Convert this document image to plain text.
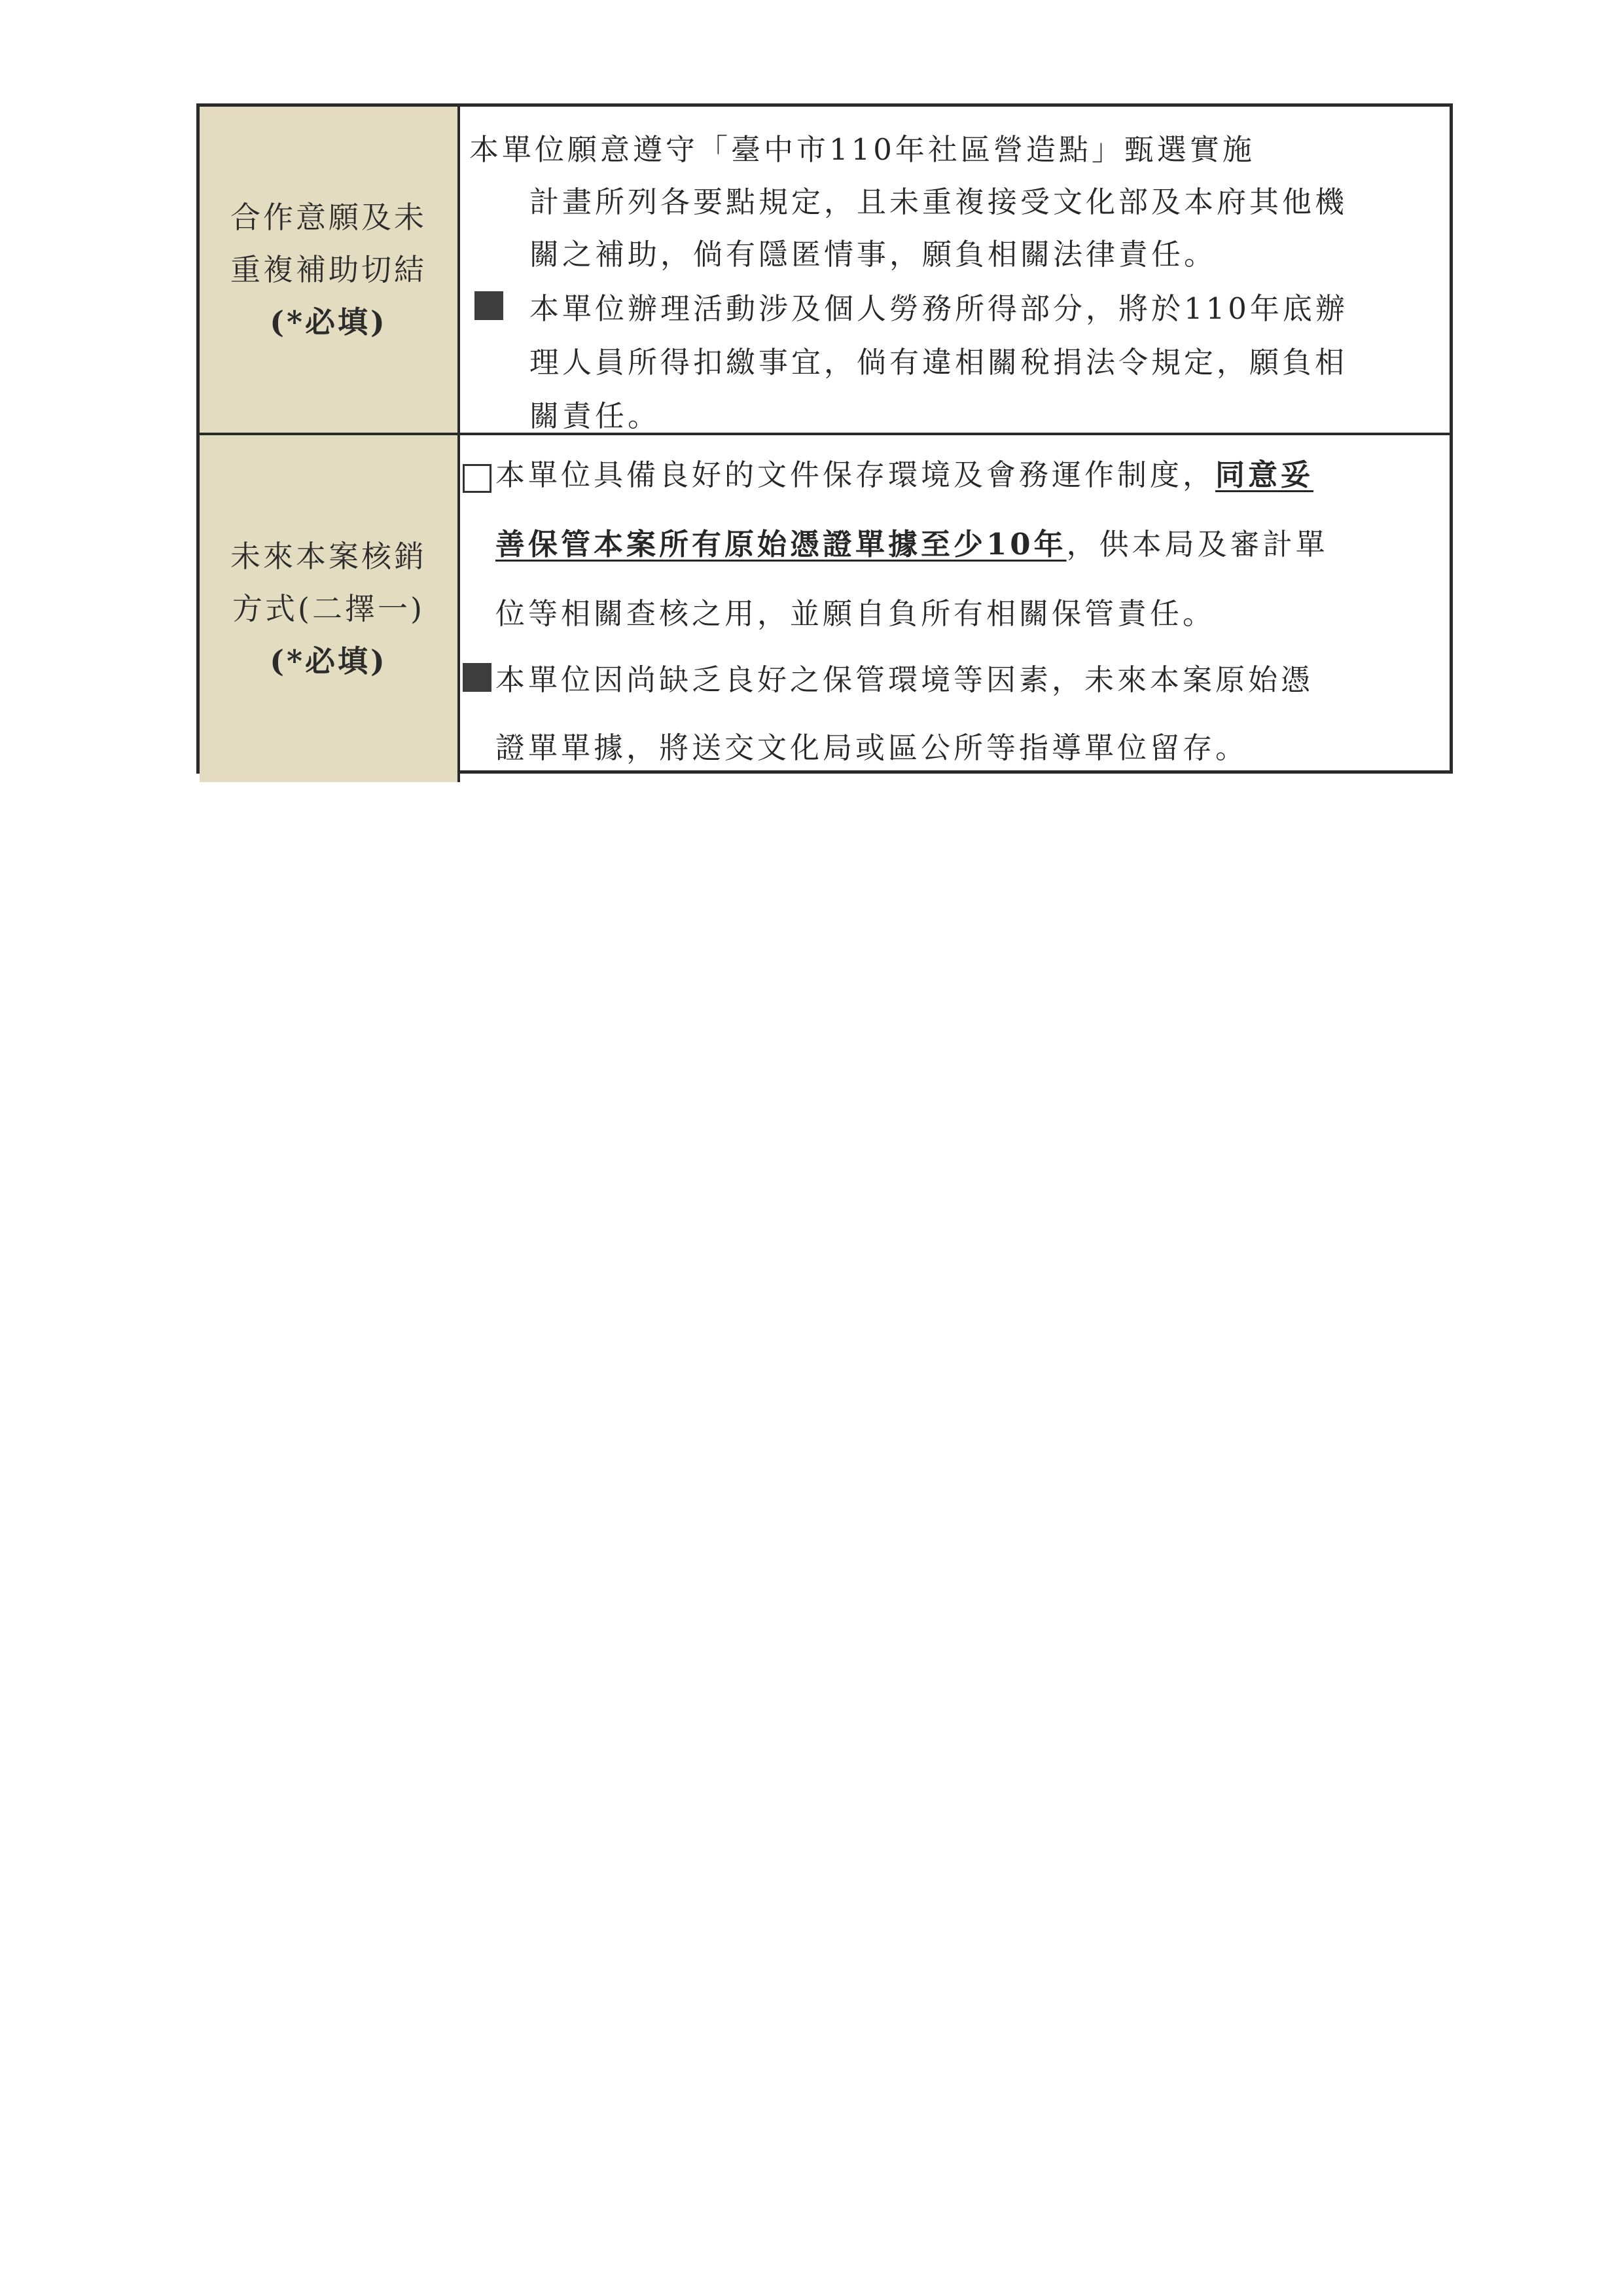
合作意願及未
重複補助切結
(*必填)
本單位願意遵守「臺中市110年社區營造點」甄選實施
計畫所列各要點規定，且未重複接受文化部及本府其他機
關之補助，倘有隱匿情事，願負相關法律責任。
本單位辦理活動涉及個人勞務所得部分，將於110年底辦
理人員所得扣繳事宜，倘有違相關稅捐法令規定，願負相
關責任。
未來本案核銷
方式(二擇一)
(*必填)
本單位具備良好的文件保存環境及會務運作制度，同意妥
善保管本案所有原始憑證單據至少10年，供本局及審計單
位等相關查核之用，並願自負所有相關保管責任。
本單位因尚缺乏良好之保管環境等因素，未來本案原始憑
證單單據，將送交文化局或區公所等指導單位留存。
